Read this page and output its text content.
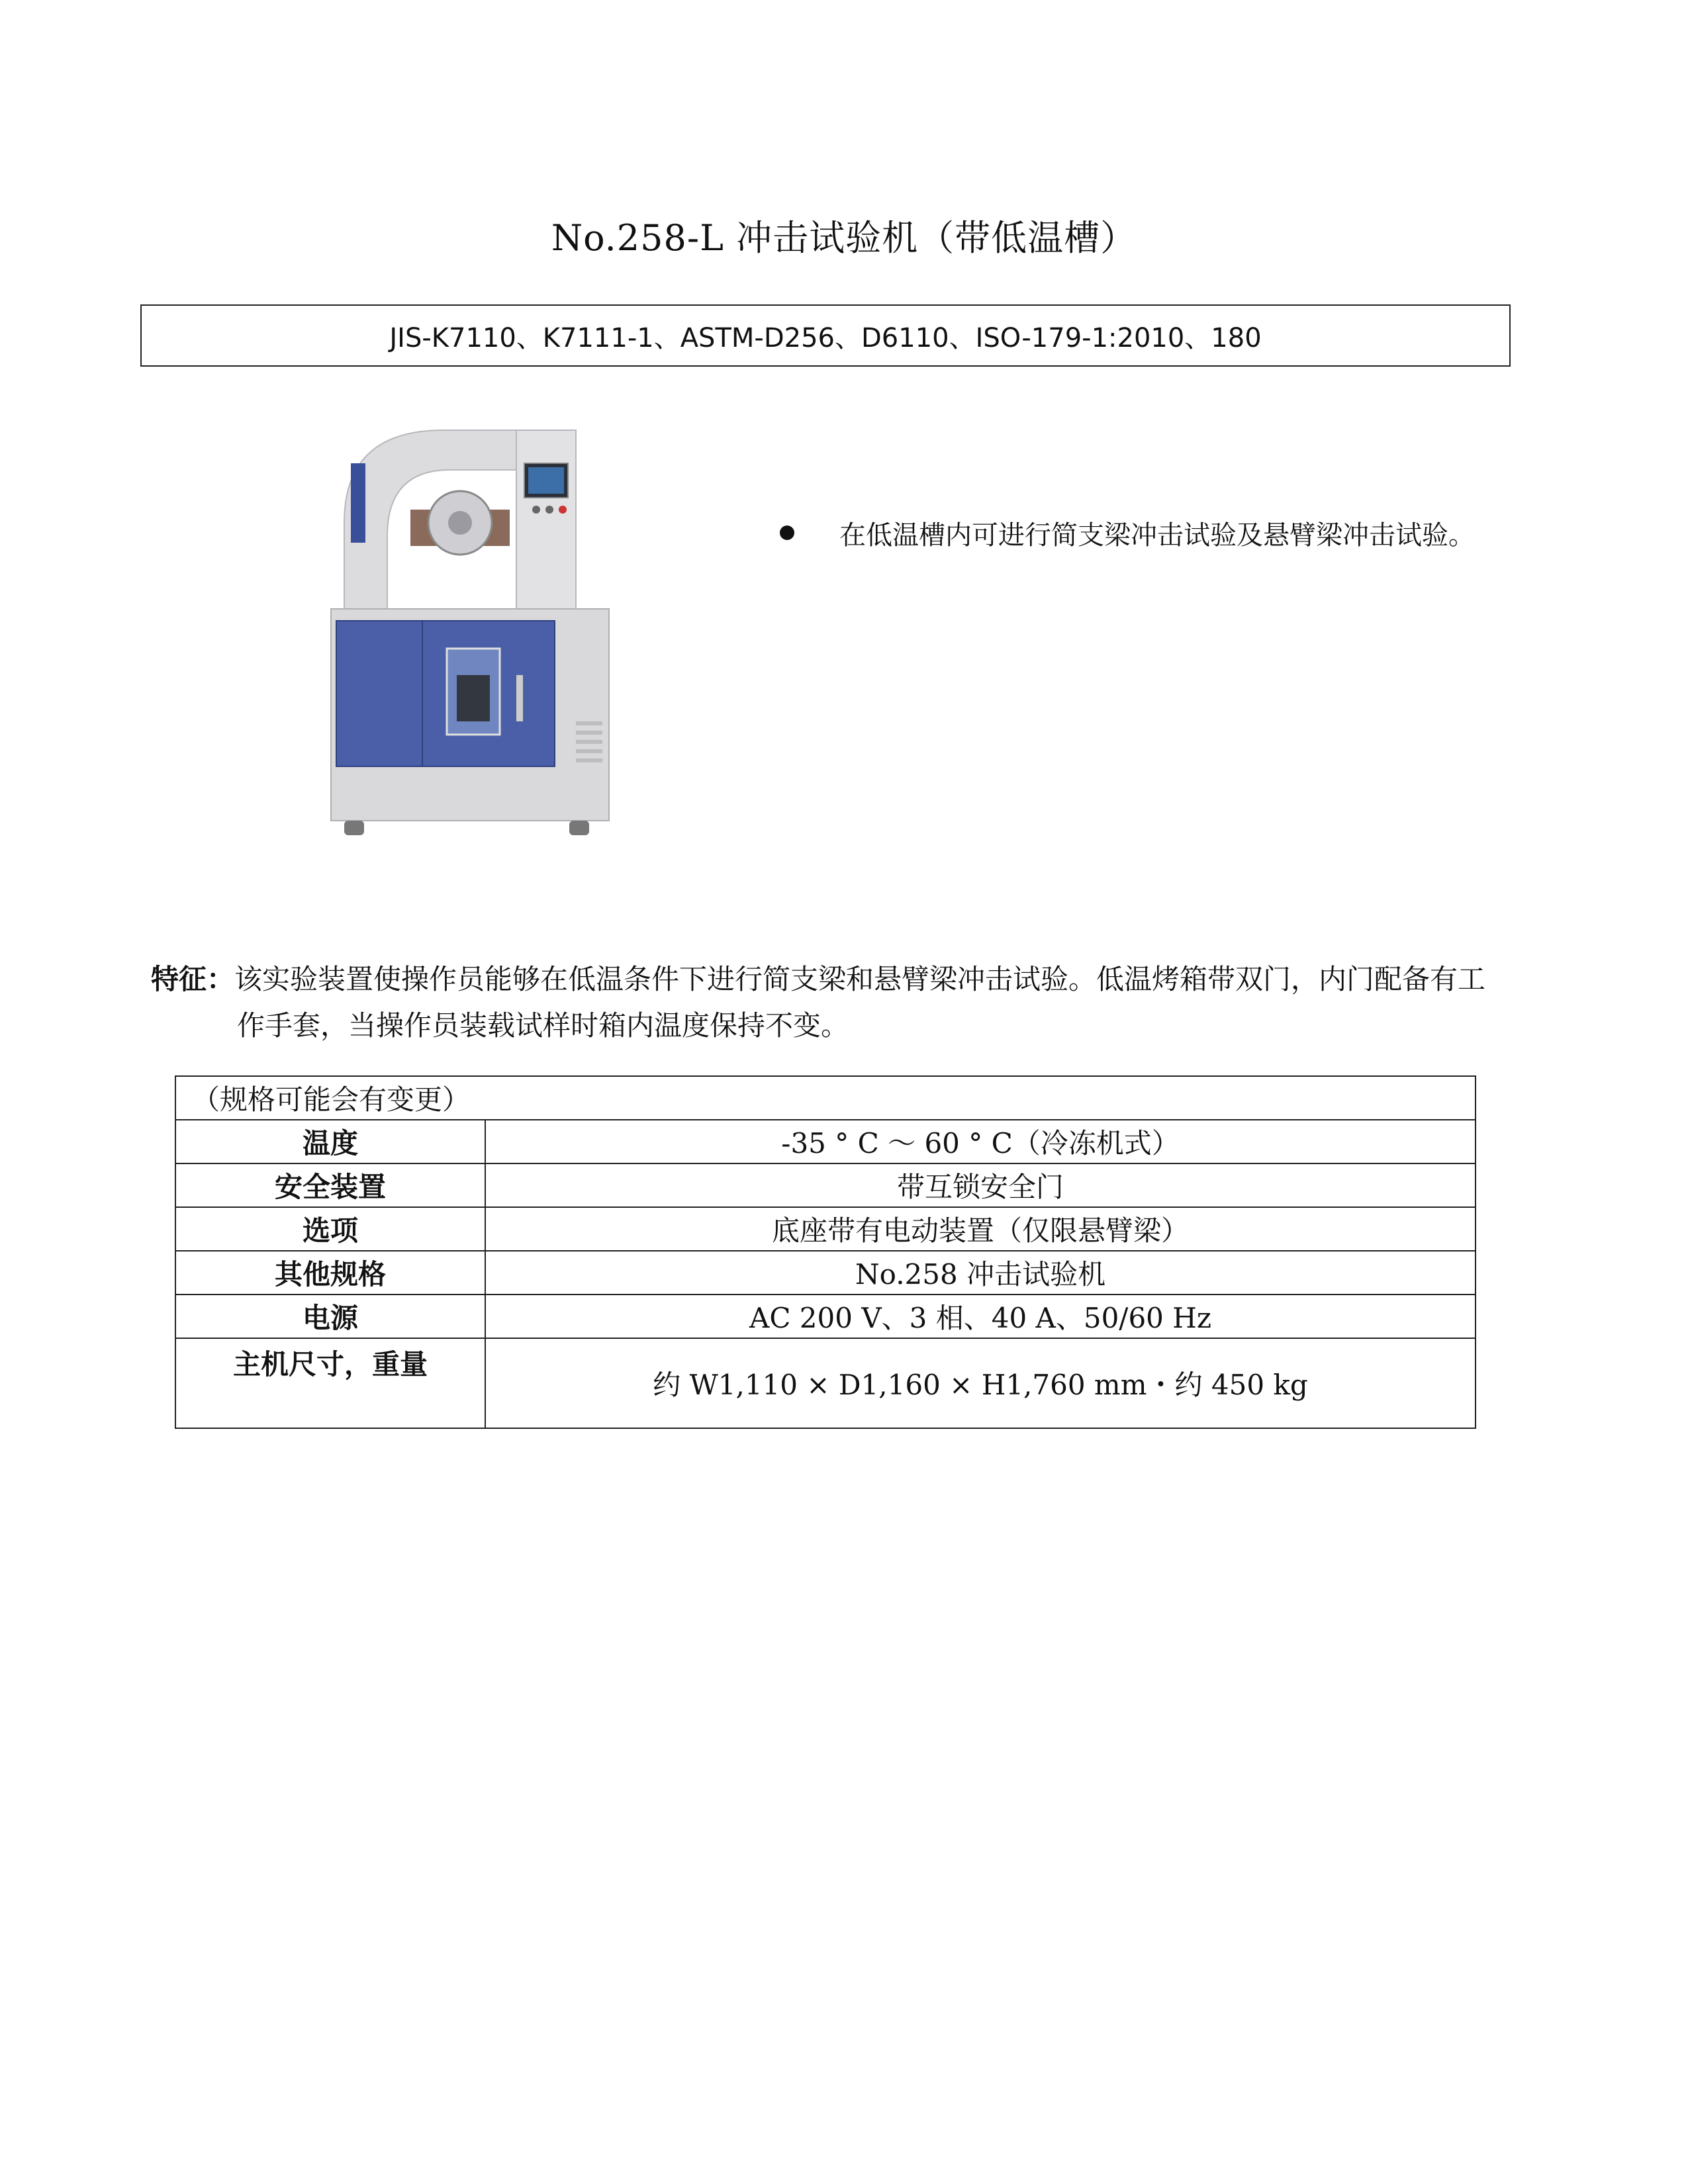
No.258-L 冲击试验机（带低温槽）
JIS-K7110、K7111-1、ASTM-D256、D6110、ISO-179-1:2010、180
在低温槽内可进行简支梁冲击试验及悬臂梁冲击试验。
特征：该实验装置使操作员能够在低温条件下进行简支梁和悬臂梁冲击试验。低温烤箱带双门，内门配备有工
作手套，当操作员装载试样时箱内温度保持不变。
（规格可能会有变更）	
温度	-35 ° C ～ 60 ° C（冷冻机式）
安全装置	带互锁安全门
选项	底座带有电动装置（仅限悬臂梁）
其他规格	No.258 冲击试验机
电源	AC 200 V、3 相、40 A、50/60 Hz
主机尺寸，重量	约 W1,110 × D1,160 × H1,760 mm・约 450 kg
